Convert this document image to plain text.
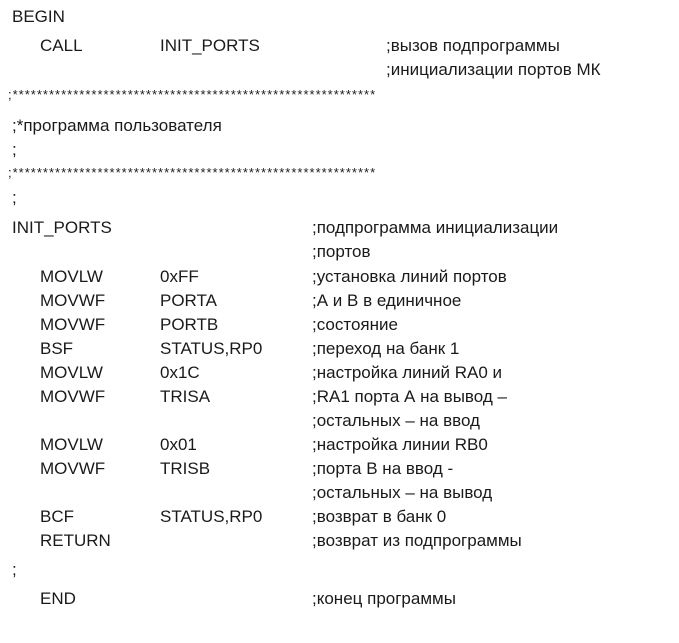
BEGIN
CALL	INIT_PORTS	;вызов подпрограммы
;инициализации портов МК
;************************************************************
;*программа пользователя
;
;************************************************************
;
INIT_PORTS	;подпрограмма инициализации
;портов
MOVLW	0xFF	;установка линий портов
MOVWF	PORTA	;А и В в единичное
MOVWF	PORTB	;состояние
BSF	STATUS,RP0	;переход на банк 1
MOVLW	0x1C	;настройка линий RA0 и
MOVWF	TRISA	;RA1 порта А на вывод –
;остальных – на ввод
MOVLW	0x01	;настройка линии RB0
MOVWF	TRISB	;порта В на ввод -
;остальных – на вывод
BCF	STATUS,RP0	;возврат в банк 0
RETURN	;возврат из подпрограммы
;
END	;конец программы
